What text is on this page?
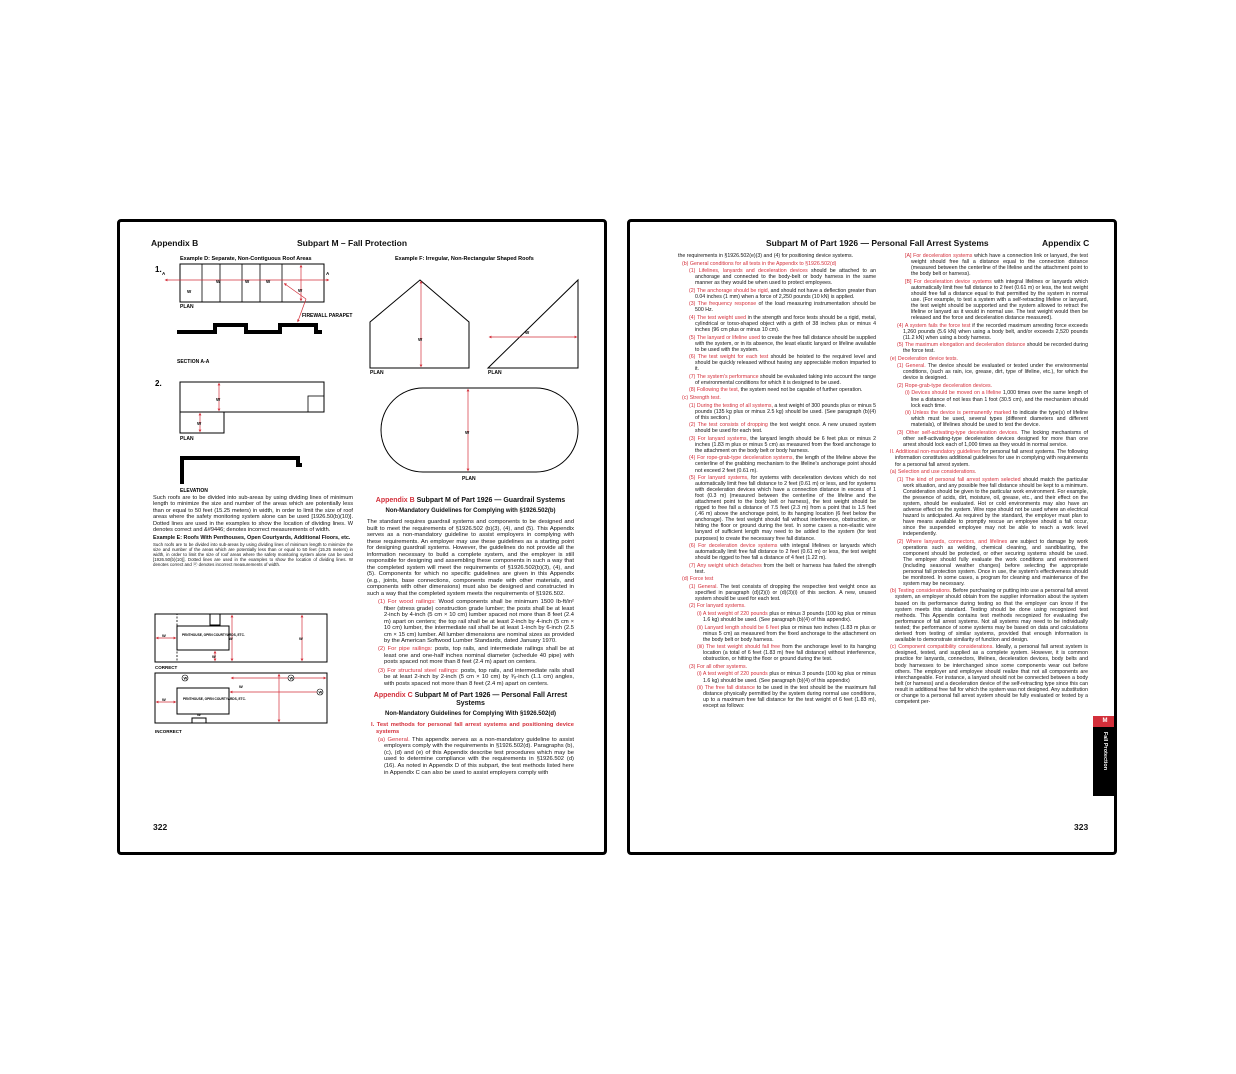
Appendix B	Subpart M – Fall Protection
Example D: Separate, Non-Contiguous Roof Areas
1. A	A
W
W	W	W
W
PLAN
FIREWALL PARAPET
SECTION A-A
2.
W
W
PLAN
ELEVATION
Example F: Irregular, Non-Rectangular Shaped Roofs
W
PLAN
W
PLAN
W
PLAN
PENTHOUSE, OPEN COURTYARDS, ETC.
W
W	W
W
CORRECT
PENTHOUSE, OPEN COURTYARDS, ETC.
W
W	W
W
W
W
INCORRECT

Such roofs are to be divided into sub-areas by using dividing lines of minimum length to minimize the size and number of the areas which are potentially less than or equal to 50 feet (15.25 meters) in width, in order to limit the size of roof areas where the safety monitoring system alone can be used [1926.50(b)(10)]. Dotted lines are used in the examples to show the location of dividing lines. W denotes correct and &#9446; denotes incorrect measurements of width.

Example E: Roofs With Penthouses, Open Courtyards, Additional Floors, etc.

Such roofs are to be divided into sub-areas by using dividing lines of minimum length to minimize the size and number of the areas which are potentially less than or equal to 50 feet (15.25 meters) in width, in order to limit the size of roof areas where the safety monitoring system alone can be used [1926.50(b)(10)]. Dotted lines are used in the examples to show the location of dividing lines. W denotes correct and ⓦ denotes incorrect measurements of width.

Appendix B Subpart M of Part 1926 — Guardrail Systems
Non-Mandatory Guidelines for Complying with §1926.502(b)

The standard requires guardrail systems and components to be designed and built to meet the requirements of §1926.502 (b)(3), (4), and (5). This Appendix serves as a non-mandatory guideline to assist employers in complying with these requirements. An employer may use these guidelines as a starting point for designing guardrail systems. However, the guidelines do not provide all the information necessary to build a complete system, and the employer is still responsible for designing and assembling these components in such a way that the completed system will meet the requirements of §1926.502(b)(3), (4), and (5). Components for which no specific guidelines are given in this Appendix (e.g., joints, base connections, components made with other materials, and components with other dimensions) must also be designed and constructed in such a way that the completed system meets the requirements of §1926.502.

(1) For wood railings: Wood components shall be minimum 1500 lb-ft/in² fiber (stress grade) construction grade lumber; the posts shall be at least 2-inch by 4-inch (5 cm × 10 cm) lumber spaced not more than 8 feet (2.4 m) apart on centers; the top rail shall be at least 2-inch by 4-inch (5 cm × 10 cm) lumber, the intermediate rail shall be at least 1-inch by 6-inch (2.5 cm × 15 cm) lumber. All lumber dimensions are nominal sizes as provided by the American Softwood Lumber Standards, dated January 1970.

(2) For pipe railings: posts, top rails, and intermediate railings shall be at least one and one-half inches nominal diameter (schedule 40 pipe) with posts spaced not more than 8 feet (2.4 m) apart on centers.

(3) For structural steel railings: posts, top rails, and intermediate rails shall be at least 2-inch by 2-inch (5 cm × 10 cm) by ³⁄₈-inch (1.1 cm) angles, with posts spaced not more than 8 feet (2.4 m) apart on centers.

Appendix C Subpart M of Part 1926 — Personal Fall Arrest Systems
Non-Mandatory Guidelines for Complying With §1926.502(d)

I. Test methods for personal fall arrest systems and positioning device systems

(a) General. This appendix serves as a non-mandatory guideline to assist employers comply with the requirements in §1926.502(d). Paragraphs (b), (c), (d) and (e) of this Appendix describe test procedures which may be used to determine compliance with the requirements in §1926.502 (d)(16). As noted in Appendix D of this subpart, the test methods listed here in Appendix C can also be used to assist employers comply with

322
Subpart M of Part 1926 — Personal Fall Arrest Systems	Appendix C

the requirements in §1926.502(e)(3) and (4) for positioning device systems.

(b) General conditions for all tests in the Appendix to §1926.502(d)

(1) Lifelines, lanyards and deceleration devices should be attached to an anchorage and connected to the body-belt or body harness in the same manner as they would be when used to protect employees.

(2) The anchorage should be rigid, and should not have a deflection greater than 0.04 inches (1 mm) when a force of 2,250 pounds (10 kN) is applied.

(3) The frequency response of the load measuring instrumentation should be 500 Hz.

(4) The test weight used in the strength and force tests should be a rigid, metal, cylindrical or torso-shaped object with a girth of 38 inches plus or minus 4 inches (96 cm plus or minus 10 cm).

(5) The lanyard or lifeline used to create the free fall distance should be supplied with the system, or in its absence, the least elastic lanyard or lifeline available to be used with the system.

(6) The test weight for each test should be hoisted to the required level and should be quickly released without having any appreciable motion imparted to it.

(7) The system's performance should be evaluated taking into account the range of environmental conditions for which it is designed to be used.

(8) Following the test, the system need not be capable of further operation.

(c) Strength test.

(1) During the testing of all systems, a test weight of 300 pounds plus or minus 5 pounds (135 kg plus or minus 2.5 kg) should be used. (See paragraph (b)(4) of this section.)

(2) The test consists of dropping the test weight once. A new unused system should be used for each test.

(3) For lanyard systems, the lanyard length should be 6 feet plus or minus 2 inches (1.83 m plus or minus 5 cm) as measured from the fixed anchorage to the attachment on the body belt or body harness.

(4) For rope-grab-type deceleration systems, the length of the lifeline above the centerline of the grabbing mechanism to the lifeline's anchorage point should not exceed 2 feet (0.61 m).

(5) For lanyard systems, for systems with deceleration devices which do not automatically limit free fall distance to 2 feet (0.61 m) or less, and for systems with deceleration devices which have a connection distance in excess of 1 foot (0.3 m) (measured between the centerline of the lifeline and the attachment point to the body belt or harness), the test weight should be rigged to free fall a distance of 7.5 feet (2.3 m) from a point that is 1.5 feet (.46 m) above the anchorage point, to its hanging location (6 feet below the anchorage). The test weight should fall without interference, obstruction, or hitting the floor or ground during the test. In some cases a non-elastic wire lanyard of sufficient length may need to be added to the system (for test purposes) to create the necessary free fall distance.

(6) For deceleration device systems with integral lifelines or lanyards which automatically limit free fall distance to 2 feet (0.61 m) or less, the test weight should be rigged to free fall a distance of 4 feet (1.22 m).

(7) Any weight which detaches from the belt or harness has failed the strength test.

(d) Force test

(1) General. The test consists of dropping the respective test weight once as specified in paragraph (d)(2)(i) or (d)(3)(i) of this section. A new, unused system should be used for each test.

(2) For lanyard systems.

(i) A test weight of 220 pounds plus or minus 3 pounds (100 kg plus or minus 1.6 kg) should be used. (See paragraph (b)(4) of this appendix).

(ii) Lanyard length should be 6 feet plus or minus two inches (1.83 m plus or minus 5 cm) as measured from the fixed anchorage to the attachment on the body belt or body harness.

(iii) The test weight should fall free from the anchorage level to its hanging location (a total of 6 feet (1.83 m) free fall distance) without interference, obstruction, or hitting the floor or ground during the test.

(3) For all other systems.

(i) A test weight of 220 pounds plus or minus 3 pounds (100 kg plus or minus 1.6 kg) should be used. (See paragraph (b)(4) of this appendix)

(ii) The free fall distance to be used in the test should be the maximum fall distance physically permitted by the system during normal use conditions, up to a maximum free fall distance for the test weight of 6 feet (1.83 m), except as follows:

[A] For deceleration systems which have a connection link or lanyard, the test weight should free fall a distance equal to the connection distance (measured between the centerline of the lifeline and the attachment point to the body belt or harness).

[B] For deceleration device systems with integral lifelines or lanyards which automatically limit free fall distance to 2 feet (0.61 m) or less, the test weight should free fall a distance equal to that permitted by the system in normal use. (For example, to test a system with a self-retracting lifeline or lanyard, the test weight should be supported and the system allowed to retract the lifeline or lanyard as it would in normal use. The test weight would then be released and the force and deceleration distance measured).

(4) A system fails the force test if the recorded maximum arresting force exceeds 1,260 pounds (5.6 kN) when using a body belt, and/or exceeds 2,520 pounds (11.2 kN) when using a body harness.

(5) The maximum elongation and deceleration distance should be recorded during the force test.

(e) Deceleration device tests.

(1) General. The device should be evaluated or tested under the environmental conditions, (such as rain, ice, grease, dirt, type of lifeline, etc.), for which the device is designed.

(2) Rope-grab-type deceleration devices.

(i) Devices should be moved on a lifeline 1,000 times over the same length of line a distance of not less than 1 foot (30.5 cm), and the mechanism should lock each time.

(ii) Unless the device is permanently marked to indicate the type(s) of lifeline which must be used, several types (different diameters and different materials), of lifelines should be used to test the device.

(3) Other self-activating-type deceleration devices. The locking mechanisms of other self-activating-type deceleration devices designed for more than one arrest should lock each of 1,000 times as they would in normal service.

II. Additional non-mandatory guidelines for personal fall arrest systems. The following information constitutes additional guidelines for use in complying with requirements for a personal fall arrest system.

(a) Selection and use considerations.

(1) The kind of personal fall arrest system selected should match the particular work situation, and any possible free fall distance should be kept to a minimum. Consideration should be given to the particular work environment. For example, the presence of acids, dirt, moisture, oil, grease, etc., and their effect on the system, should be evaluated. Hot or cold environments may also have an adverse effect on the system. Wire rope should not be used where an electrical hazard is anticipated. As required by the standard, the employer must plan to have means available to promptly rescue an employee should a fall occur, since the suspended employee may not be able to reach a work level independently.

(2) Where lanyards, connectors, and lifelines are subject to damage by work operations such as welding, chemical cleaning, and sandblasting, the component should be protected, or other securing systems should be used. The employer should fully evaluate the work conditions and environment (including seasonal weather changes) before selecting the appropriate personal fall protection system. Once in use, the system's effectiveness should be monitored. In some cases, a program for cleaning and maintenance of the system may be necessary.

(b) Testing considerations. Before purchasing or putting into use a personal fall arrest system, an employer should obtain from the supplier information about the system based on its performance during testing so that the employer can know if the system meets this standard. Testing should be done using recognized test methods. This Appendix contains test methods recognized for evaluating the performance of fall arrest systems. Not all systems may need to be individually tested; the performance of some systems may be based on data and calculations derived from testing of similar systems, provided that enough information is available to demonstrate similarity of function and design.

(c) Component compatibility considerations. Ideally, a personal fall arrest system is designed, tested, and supplied as a complete system. However, it is common practice for lanyards, connectors, lifelines, deceleration devices, body belts and body harnesses to be interchanged since some components wear out before others. The employer and employee should realize that not all components are interchangeable. For instance, a lanyard should not be connected between a body belt (or harness) and a deceleration device of the self-retracting type since this can result in additional free fall for which the system was not designed. Any substitution or change to a personal fall arrest system should be fully evaluated or tested by a competent per-

M
Fall Protection
323
